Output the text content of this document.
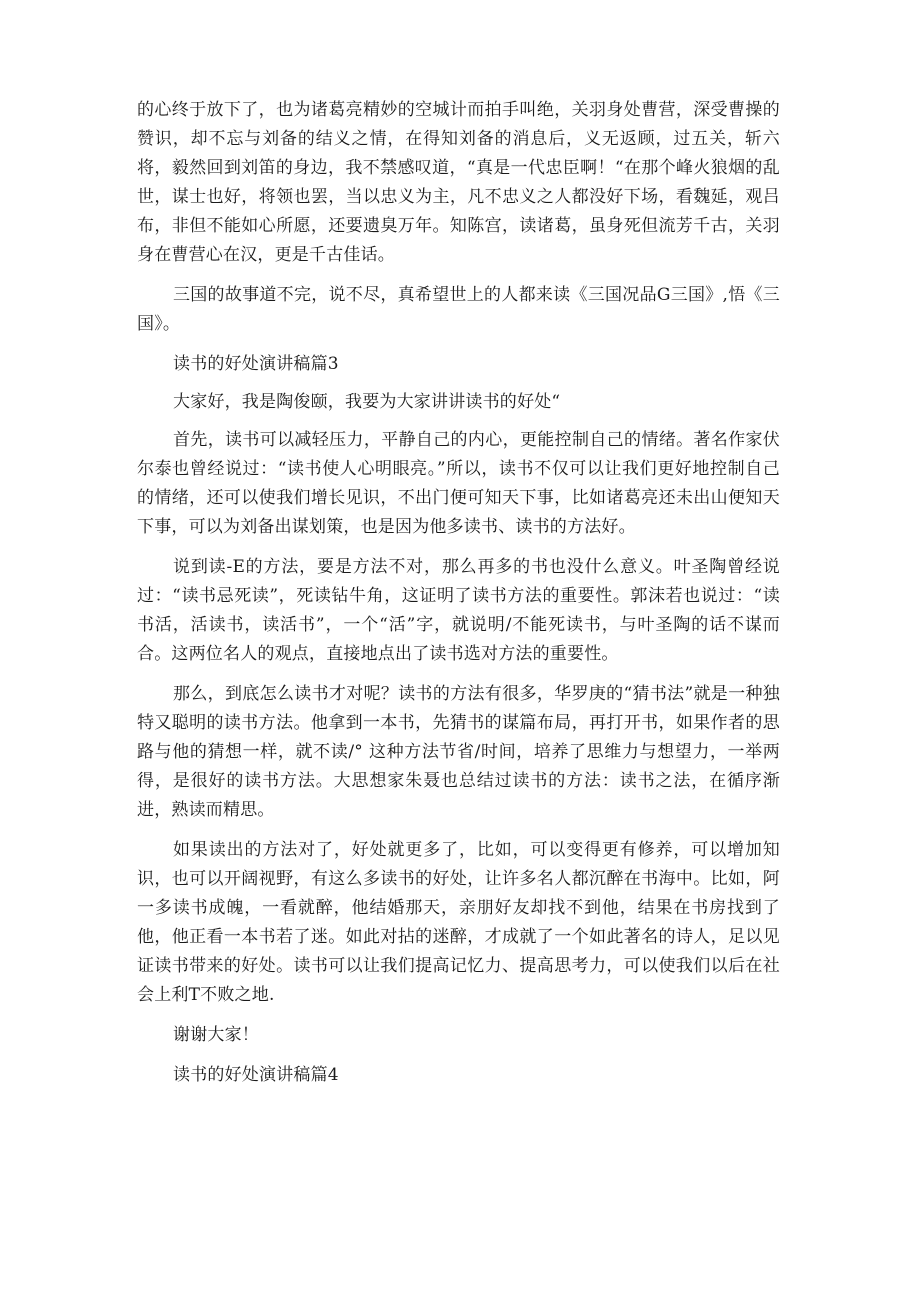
的心终于放下了，也为诸葛亮精妙的空城计而拍手叫绝，关羽身处曹营，深受曹操的赞识，却不忘与刘备的结义之情，在得知刘备的消息后，义无返顾，过五关，斩六将，毅然回到刘笛的身边，我不禁感叹道，“真是一代忠臣啊！“在那个峰火狼烟的乱世，谋士也好，将领也罢，当以忠义为主，凡不忠义之人都没好下场，看魏延，观吕布，非但不能如心所愿，还要遗臭万年。知陈宫，读诸葛，虽身死但流芳千古，关羽身在曹营心在汉，更是千古佳话。

三国的故事道不完，说不尽，真希望世上的人都来读《三国况品G三国》,悟《三国》。

读书的好处演讲稿篇3

大家好，我是陶俊颐，我要为大家讲讲读书的好处“

首先，读书可以减轻压力，平静自己的内心，更能控制自己的情绪。著名作家伏尔泰也曾经说过：“读书使人心明眼亮。”所以，读书不仅可以让我们更好地控制自己的情绪，还可以使我们增长见识，不出门便可知天下事，比如诸葛亮还未出山便知天下事，可以为刘备出谋划策，也是因为他多读书、读书的方法好。

说到读-E的方法，要是方法不对，那么再多的书也没什么意义。叶圣陶曾经说过：“读书忌死读”，死读钻牛角，这证明了读书方法的重要性。郭沫若也说过：“读书活，活读书，读活书”，一个“活”字，就说明/不能死读书，与叶圣陶的话不谋而合。这两位名人的观点，直接地点出了读书选对方法的重要性。

那么，到底怎么读书才对呢？读书的方法有很多，华罗庚的“猜书法”就是一种独特又聪明的读书方法。他拿到一本书，先猜书的谋篇布局，再打开书，如果作者的思路与他的猜想一样，就不读/° 这种方法节省/时间，培养了思维力与想望力，一举两得，是很好的读书方法。大思想家朱聂也总结过读书的方法：读书之法，在循序渐进，熟读而精思。

如果读出的方法对了，好处就更多了，比如，可以变得更有修养，可以增加知识，也可以开阔视野，有这么多读书的好处，让许多名人都沉醉在书海中。比如，阿一多读书成魄，一看就醉，他结婚那天，亲朋好友却找不到他，结果在书房找到了他，他正看一本书若了迷。如此对拈的迷醉，才成就了一个如此著名的诗人，足以见证读书带来的好处。读书可以让我们提高记忆力、提高思考力，可以使我们以后在社会上利T不败之地.

谢谢大家！

读书的好处演讲稿篇4
